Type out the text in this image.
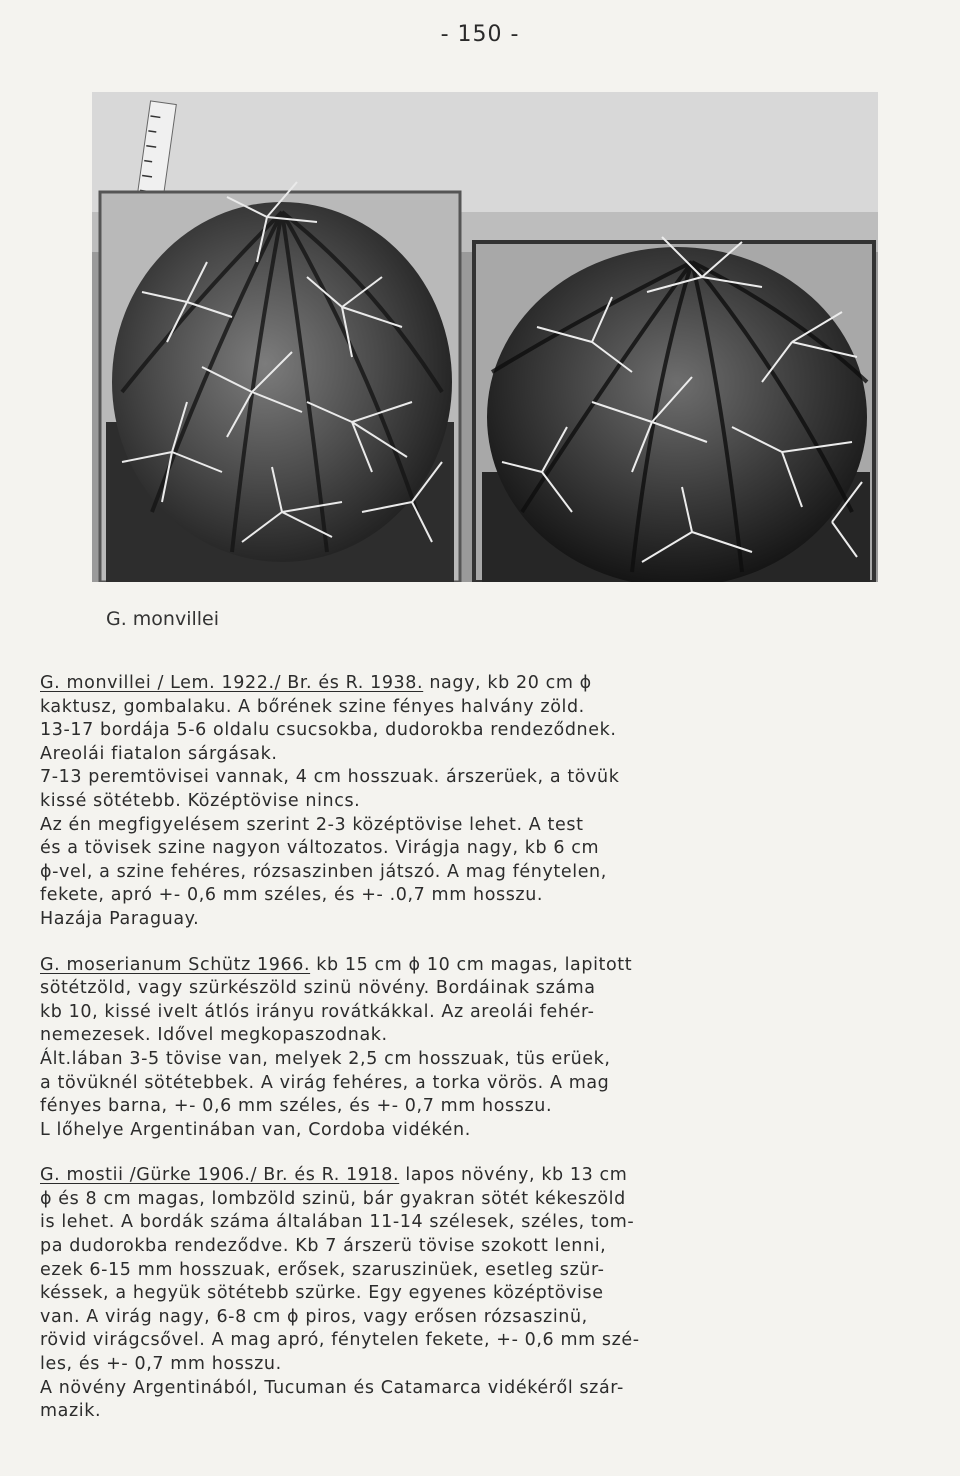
- 150 -
G. monvillei
G. monvillei / Lem. 1922./ Br. és R. 1938. nagy, kb 20 cm ϕ
kaktusz, gombalaku. A bőrének szine fényes halvány zöld.
13-17 bordája 5-6 oldalu csucsokba, dudorokba rendeződnek.
Areolái fiatalon sárgásak.
7-13 peremtövisei vannak, 4 cm hosszuak. árszerüek, a tövük
kissé sötétebb. Középtövise nincs.
Az én megfigyelésem szerint 2-3 középtövise lehet. A test
és a tövisek szine nagyon változatos. Virágja nagy, kb 6 cm
ϕ-vel, a szine fehéres, rózsaszinben játszó. A mag fénytelen,
fekete, apró +- 0,6 mm széles, és +- .0,7 mm hosszu.
Hazája Paraguay.
G. moserianum Schütz 1966. kb 15 cm ϕ 10 cm magas, lapitott
sötétzöld, vagy szürkészöld szinü növény. Bordáinak száma
kb 10, kissé ivelt átlós irányu rovátkákkal. Az areolái fehér-
nemezesek. Idővel megkopaszodnak.
Ált.lában 3-5 tövise van, melyek 2,5 cm hosszuak, tüs erüek,
a tövüknél sötétebbek. A virág fehéres, a torka vörös. A mag
fényes barna, +- 0,6 mm széles, és +- 0,7 mm hosszu.
L lőhelye Argentinában van, Cordoba vidékén.
G. mostii /Gürke 1906./ Br. és R. 1918. lapos növény, kb 13 cm
ϕ és 8 cm magas, lombzöld szinü, bár gyakran sötét kékeszöld
is lehet. A bordák száma általában 11-14 szélesek, széles, tom-
pa dudorokba rendeződve. Kb 7 árszerü tövise szokott lenni,
ezek 6-15 mm hosszuak, erősek, szaruszinüek, esetleg szür-
késsek, a hegyük sötétebb szürke. Egy egyenes középtövise
van. A virág nagy, 6-8 cm ϕ piros, vagy erősen rózsaszinü,
rövid virágcsővel. A mag apró, fénytelen fekete, +- 0,6 mm szé-
les, és +- 0,7 mm hosszu.
A növény Argentinából, Tucuman és Catamarca vidékéről szár-
mazik.
